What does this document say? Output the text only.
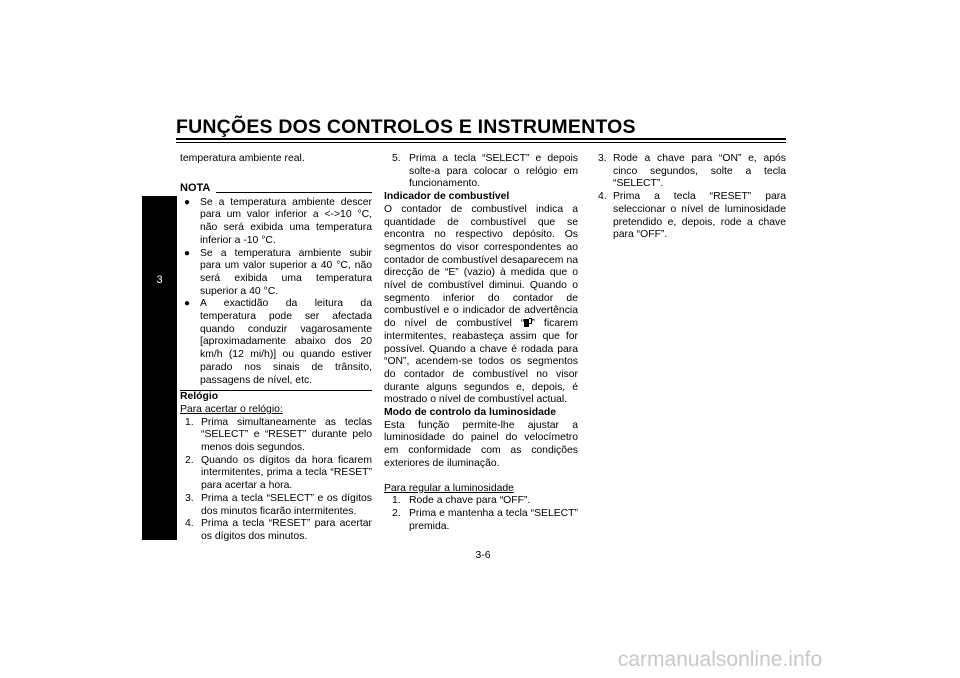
FUNÇÕES DOS CONTROLOS E INSTRUMENTOS
3

temperatura ambiente real.

NOTA
● Se a temperatura ambiente descer para um valor inferior a <->10 °C, não será exibida uma temperatura inferior a -10 °C.
● Se a temperatura ambiente subir para um valor superior a 40 °C, não será exibida uma temperatura superior a 40 °C.
● A exactidão da leitura da temperatura pode ser afectada quando conduzir vagarosamente [aproximadamente abaixo dos 20 km/h (12 mi/h)] ou quando estiver parado nos sinais de trânsito, passagens de nível, etc.

Relógio

Para acertar o relógio:

1. Prima simultaneamente as teclas “SELECT” e “RESET” durante pelo menos dois segundos.
2. Quando os dígitos da hora ficarem intermitentes, prima a tecla “RESET” para acertar a hora.
3. Prima a tecla “SELECT” e os dígitos dos minutos ficarão intermitentes.
4. Prima a tecla “RESET” para acertar os dígitos dos minutos.
5. Prima a tecla “SELECT” e depois solte-a para colocar o relógio em funcionamento.

Indicador de combustível

O contador de combustível indica a quantidade de combustível que se encontra no respectivo depósito. Os segmentos do visor correspondentes ao contador de combustível desaparecem na direcção de “E” (vazio) à medida que o nível de combustível diminui. Quando o segmento inferior do contador de combustível e o indicador de advertência do nível de combustível “ ” ficarem intermitentes, reabasteça assim que for possível. Quando a chave é rodada para “ON”, acendem-se todos os segmentos do contador de combustível no visor durante alguns segundos e, depois, é mostrado o nível de combustível actual.

Modo de controlo da luminosidade

Esta função permite-lhe ajustar a luminosidade do painel do velocímetro em conformidade com as condições exteriores de iluminação.

Para regular a luminosidade

1. Rode a chave para “OFF”.
2. Prima e mantenha a tecla “SELECT” premida.
3. Rode a chave para “ON” e, após cinco segundos, solte a tecla “SELECT”.
4. Prima a tecla “RESET” para seleccionar o nível de luminosidade pretendido e, depois, rode a chave para “OFF”.
3-6
carmanualsonline.info
